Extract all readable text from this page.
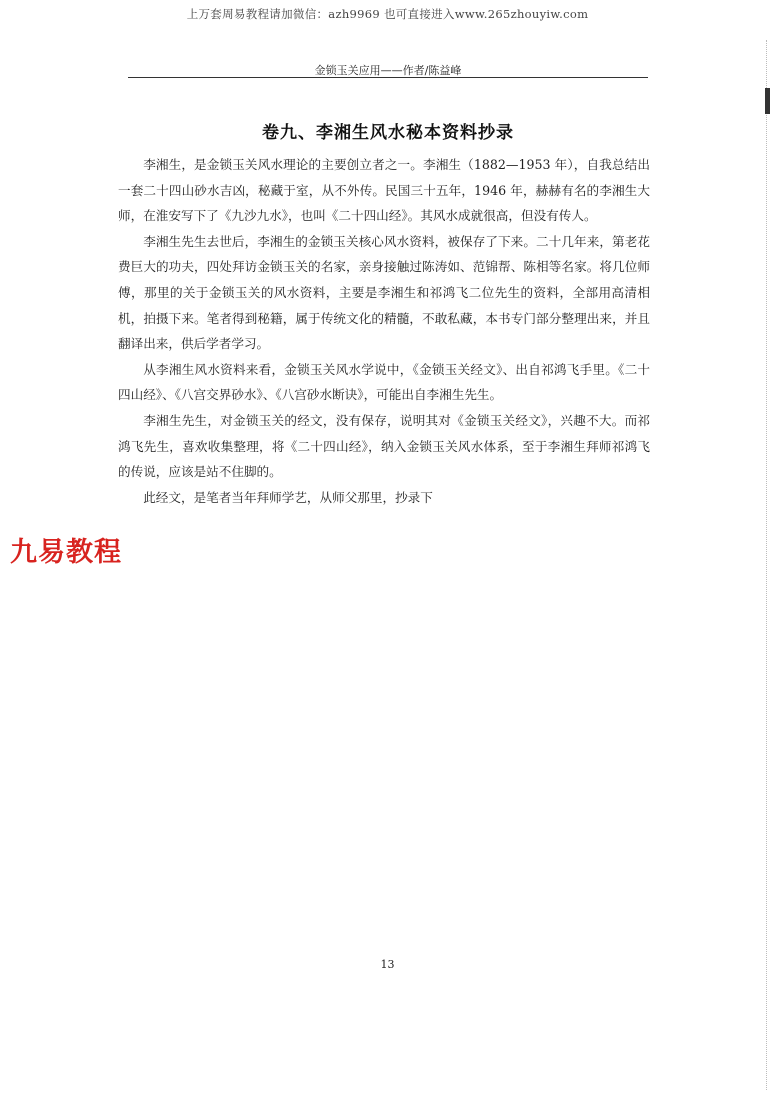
上万套周易教程请加微信：azh9969 也可直接进入www.265zhouyiw.com
金锁玉关应用——作者/陈益峰
卷九、李湘生风水秘本资料抄录

李湘生，是金锁玉关风水理论的主要创立者之一。李湘生（1882—1953 年），自我总结出一套二十四山砂水吉凶，秘藏于室，从不外传。民国三十五年，1946 年，赫赫有名的李湘生大师，在淮安写下了《九沙九水》，也叫《二十四山经》。其风水成就很高，但没有传人。

李湘生先生去世后，李湘生的金锁玉关核心风水资料，被保存了下来。二十几年来，第老花费巨大的功夫，四处拜访金锁玉关的名家，亲身接触过陈涛如、范锦帮、陈相等名家。将几位师傅，那里的关于金锁玉关的风水资料，主要是李湘生和祁鸿飞二位先生的资料，全部用高清相机，拍摄下来。笔者得到秘籍，属于传统文化的精髓，不敢私藏，本书专门部分整理出来，并且翻译出来，供后学者学习。

从李湘生风水资料来看，金锁玉关风水学说中，《金锁玉关经文》、出自祁鸿飞手里。《二十四山经》、《八宫交界砂水》、《八宫砂水断诀》，可能出自李湘生先生。

李湘生先生，对金锁玉关的经文，没有保存，说明其对《金锁玉关经文》，兴趣不大。而祁鸿飞先生，喜欢收集整理，将《二十四山经》，纳入金锁玉关风水体系，至于李湘生拜师祁鸿飞的传说，应该是站不住脚的。

此经文，是笔者当年拜师学艺，从师父那里，抄录下

九易教程
13
